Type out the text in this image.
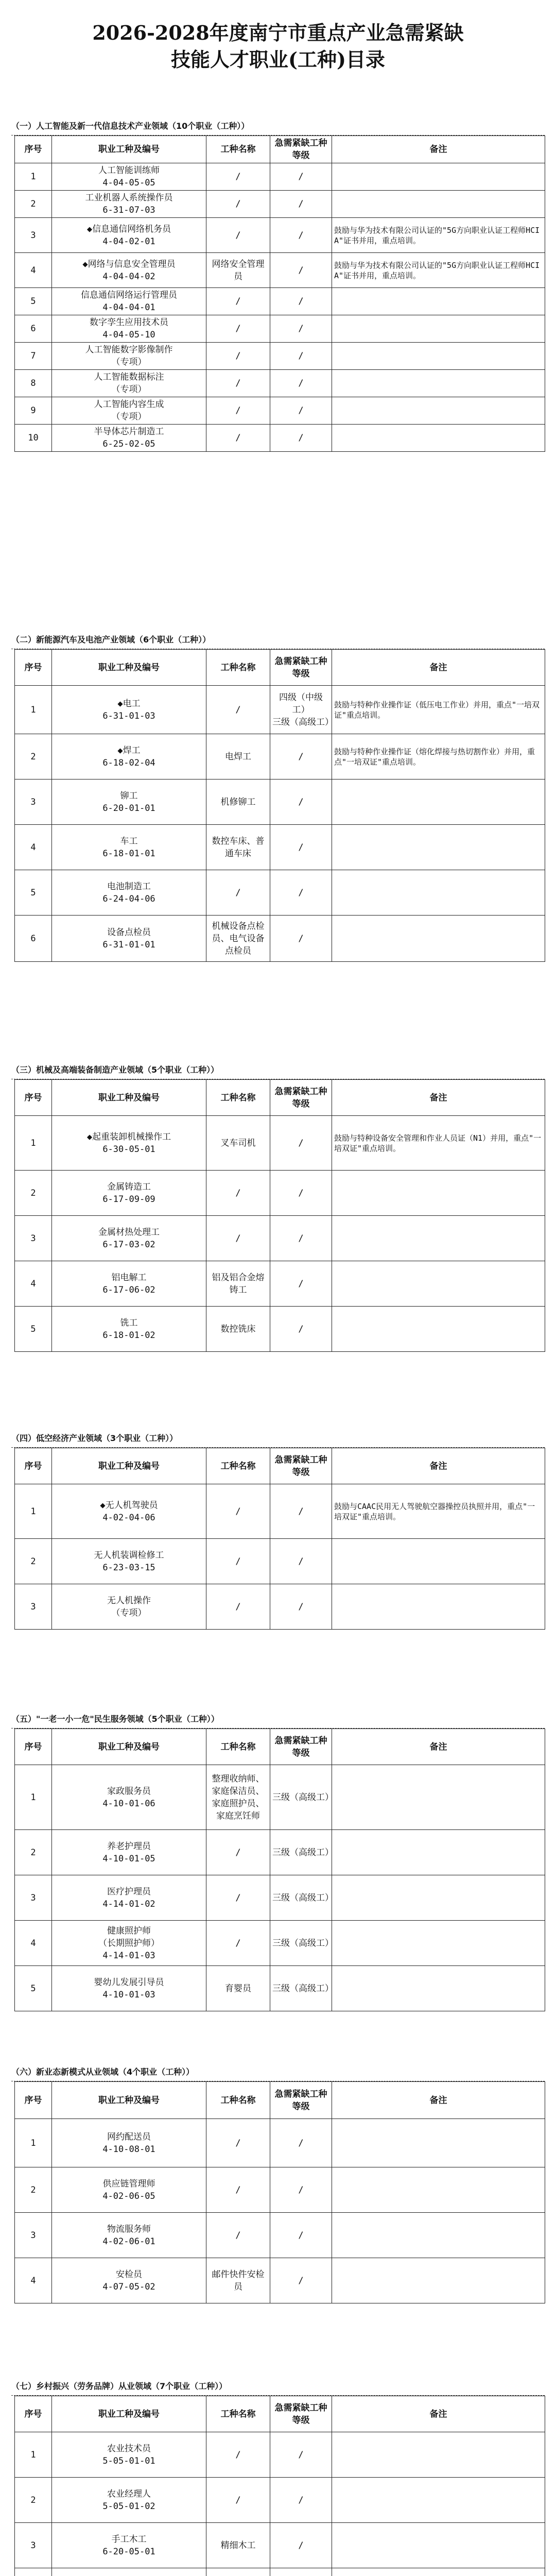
2026-2028年度南宁市重点产业急需紧缺

技能人才职业(工种)目录

（一）人工智能及新一代信息技术产业领域（10个职业（工种））
序号	职业工种及编号	工种名称	急需紧缺工种等级	备注
1	人工智能训练师
4-04-05-05	/	/	
2	工业机器人系统操作员
6-31-07-03	/	/	
3	◆信息通信网络机务员
4-04-02-01	/	/	鼓励与华为技术有限公司认证的"5G方向职业认证工程师HCIA"证书并用，重点培训。
4	◆网络与信息安全管理员
4-04-04-02	网络安全管理员	/	鼓励与华为技术有限公司认证的"5G方向职业认证工程师HCIA"证书并用，重点培训。
5	信息通信网络运行管理员
4-04-04-01	/	/	
6	数字孪生应用技术员
4-04-05-10	/	/	
7	人工智能数字影像制作
（专项）	/	/	
8	人工智能数据标注
（专项）	/	/	
9	人工智能内容生成
（专项）	/	/	
10	半导体芯片制造工
6-25-02-05	/	/	
（二）新能源汽车及电池产业领域（6个职业（工种））
序号	职业工种及编号	工种名称	急需紧缺工种等级	备注
1	◆电工
6-31-01-03	/	四级（中级工）
三级（高级工）	鼓励与特种作业操作证（低压电工作业）并用，重点"一培双证"重点培训。
2	◆焊工
6-18-02-04	电焊工	/	鼓励与特种作业操作证（熔化焊接与热切割作业）并用，重点"一培双证"重点培训。
3	铆工
6-20-01-01	机修铆工	/	
4	车工
6-18-01-01	数控车床、普通车床	/	
5	电池制造工
6-24-04-06	/	/	
6	设备点检员
6-31-01-01	机械设备点检员、电气设备点检员	/	
（三）机械及高端装备制造产业领域（5个职业（工种））
序号	职业工种及编号	工种名称	急需紧缺工种等级	备注
1	◆起重装卸机械操作工
6-30-05-01	叉车司机	/	鼓励与特种设备安全管理和作业人员证（N1）并用，重点"一培双证"重点培训。
2	金属铸造工
6-17-09-09	/	/	
3	金属材热处理工
6-17-03-02	/	/	
4	铝电解工
6-17-06-02	铝及铝合金熔铸工	/	
5	铣工
6-18-01-02	数控铣床	/	
（四）低空经济产业领域（3个职业（工种））
序号	职业工种及编号	工种名称	急需紧缺工种等级	备注
1	◆无人机驾驶员
4-02-04-06	/	/	鼓励与CAAC民用无人驾驶航空器操控员执照并用，重点"一培双证"重点培训。
2	无人机装调检修工
6-23-03-15	/	/	
3	无人机操作
（专项）	/	/	
（五）"一老一小一危"民生服务领域（5个职业（工种））
序号	职业工种及编号	工种名称	急需紧缺工种等级	备注
1	家政服务员
4-10-01-06	整理收纳师、家庭保洁员、家庭照护员、家庭烹饪师	三级（高级工）	
2	养老护理员
4-10-01-05	/	三级（高级工）	
3	医疗护理员
4-14-01-02	/	三级（高级工）	
4	健康照护师
（长期照护师）
4-14-01-03	/	三级（高级工）	
5	婴幼儿发展引导员
4-10-01-03	育婴员	三级（高级工）	
（六）新业态新模式从业领域（4个职业（工种））
序号	职业工种及编号	工种名称	急需紧缺工种等级	备注
1	网约配送员
4-10-08-01	/	/	
2	供应链管理师
4-02-06-05	/	/	
3	物流服务师
4-02-06-01	/	/	
4	安检员
4-07-05-02	邮件快件安检员	/	
（七）乡村振兴（劳务品牌）从业领域（7个职业（工种））
序号	职业工种及编号	工种名称	急需紧缺工种等级	备注
1	农业技术员
5-05-01-01	/	/	
2	农业经理人
5-05-01-02	/	/	
3	手工木工
6-20-05-01	精细木工	/	
